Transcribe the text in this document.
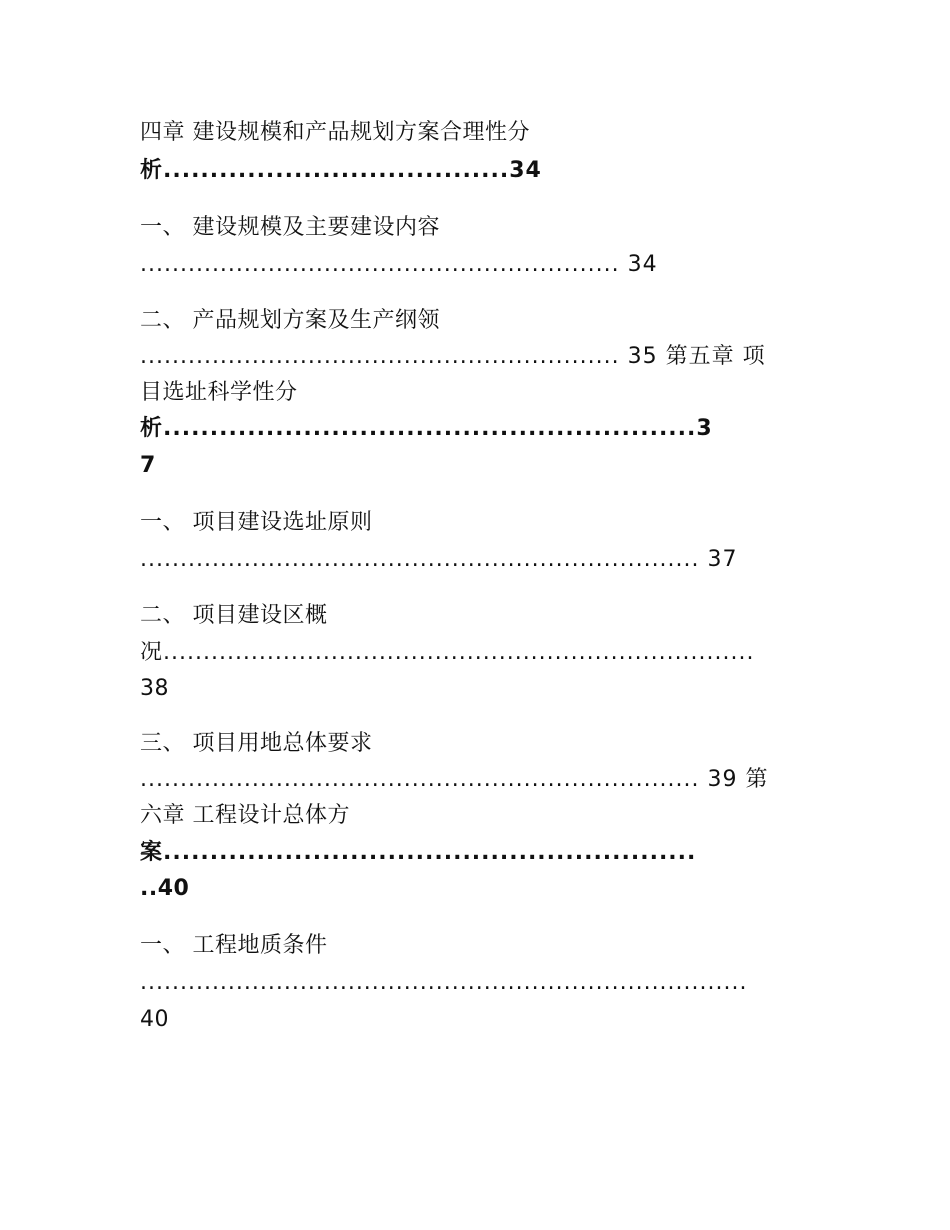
四章 建设规模和产品规划方案合理性分
析.....................................34
一、 建设规模及主要建设内容
............................................................ 34
二、 产品规划方案及生产纲领
............................................................ 35 第五章 项
目选址科学性分
析.........................................................3
7
一、 项目建设选址原则
...................................................................... 37
二、 项目建设区概
况..........................................................................
38
三、 项目用地总体要求
...................................................................... 39 第
六章 工程设计总体方
案.........................................................
..40
一、 工程地质条件
............................................................................
40
